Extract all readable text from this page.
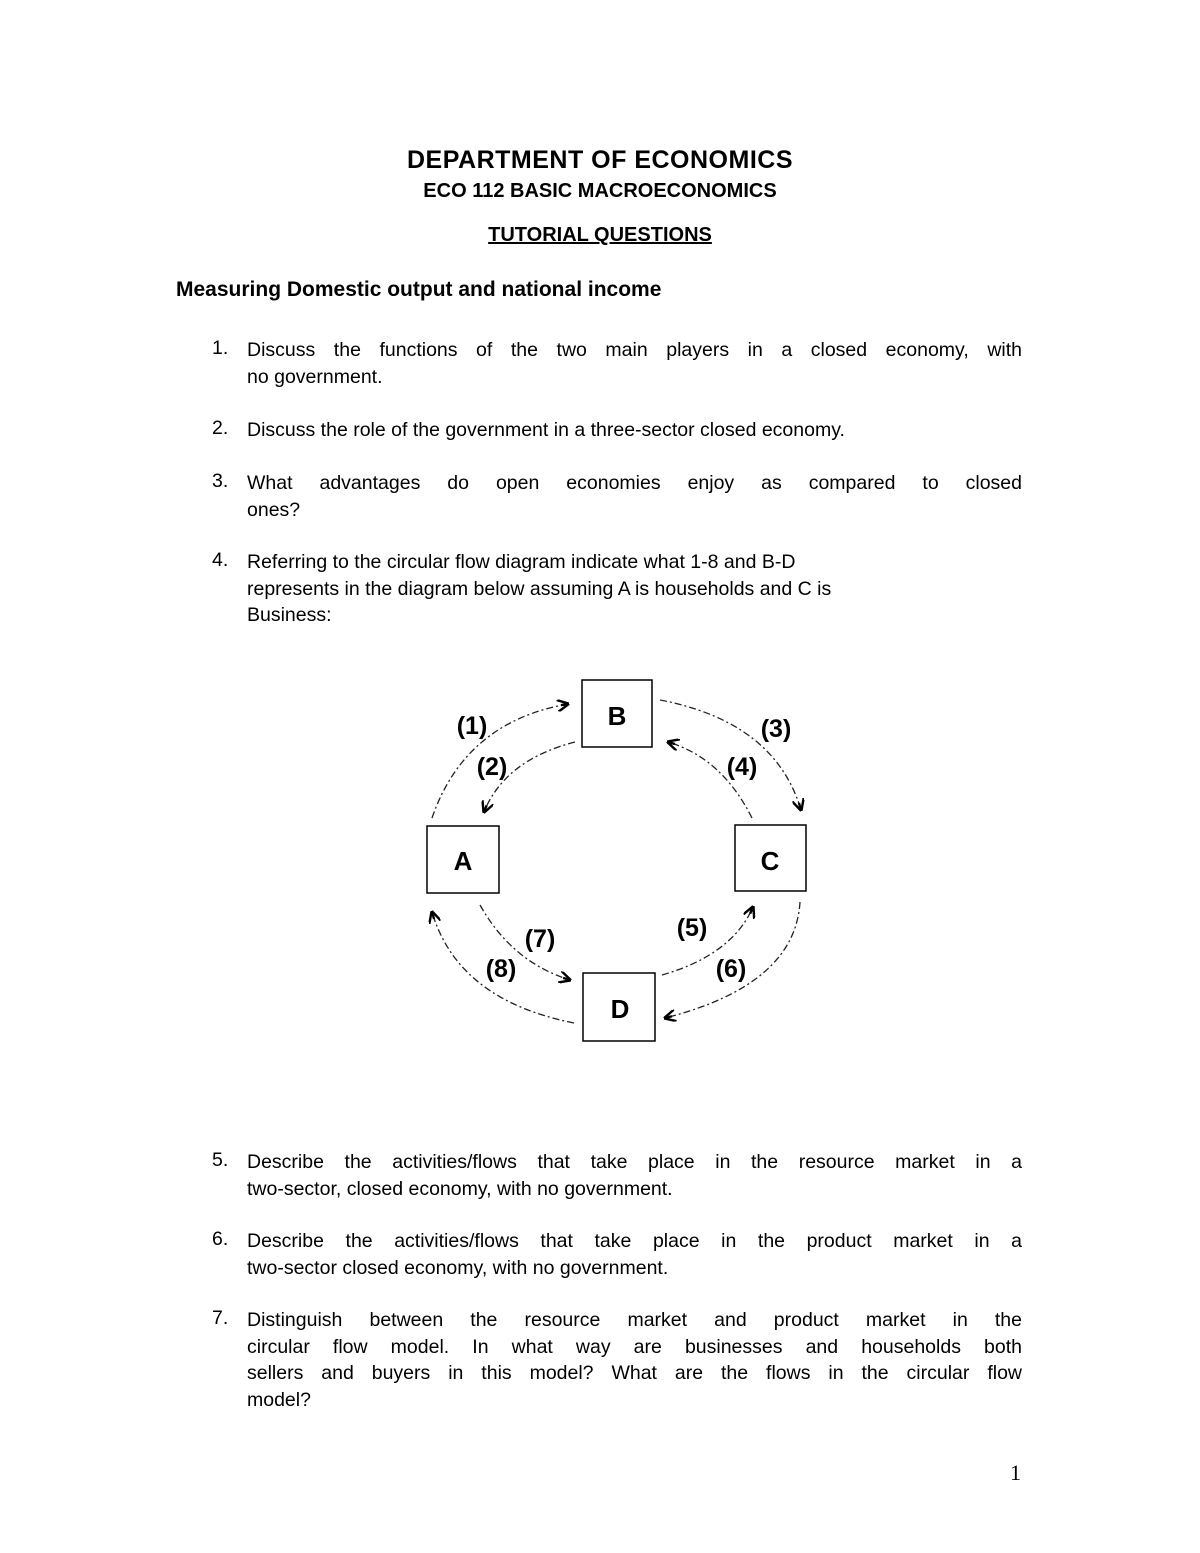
DEPARTMENT OF ECONOMICS
ECO 112 BASIC MACROECONOMICS
TUTORIAL QUESTIONS
Measuring Domestic output and national income
1. Discuss the functions of the two main players in a closed economy, with
no government.
2. Discuss the role of the government in a three-sector closed economy.
3. What advantages do open economies enjoy as compared to closed
ones?
4. Referring to the circular flow diagram indicate what 1-8 and B-D
represents in the diagram below assuming A is households and C is
Business:
A
B
C
D
(1)
(2)
(3)
(4)
(5)
(6)
(7)
(8)
5. Describe the activities/flows that take place in the resource market in a
two-sector, closed economy, with no government.
6. Describe the activities/flows that take place in the product market in a
two-sector closed economy, with no government.
7. Distinguish between the resource market and product market in the
circular flow model. In what way are businesses and households both
sellers and buyers in this model? What are the flows in the circular flow
model?
1
